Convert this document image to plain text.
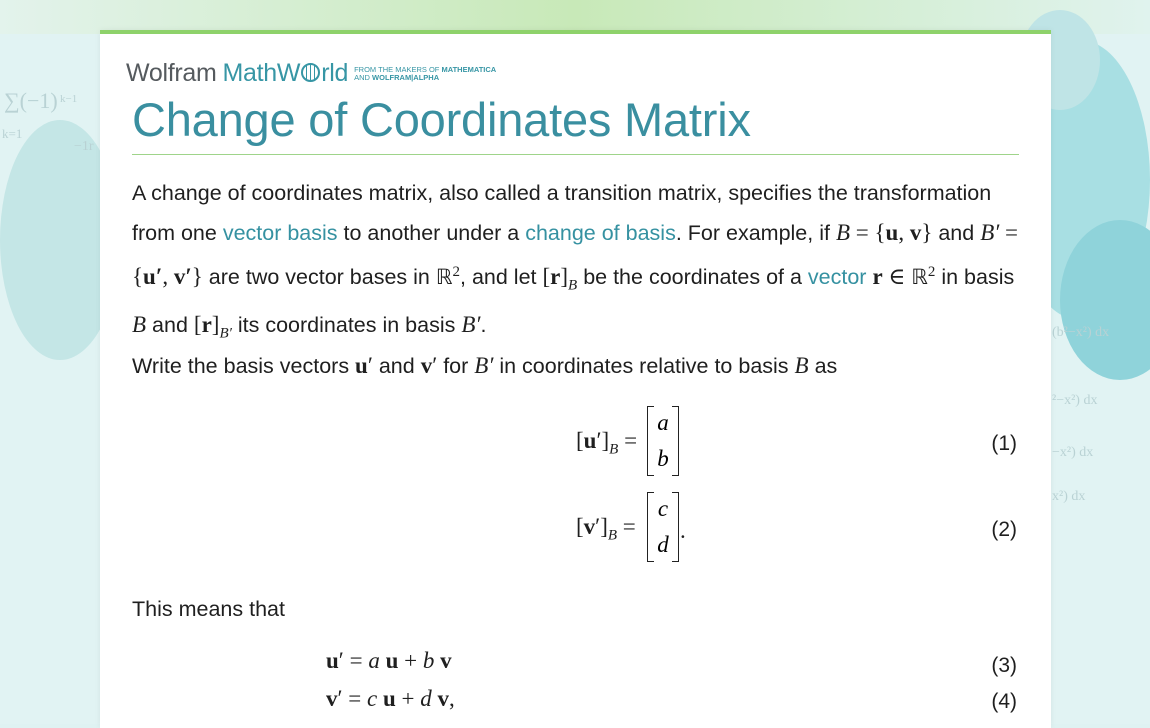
∑(−1) k−1
k=1
−1r
(b²−x²) dx
²−x²) dx
−x²) dx
x²) dx
Wolfram MathW rld FROM THE MAKERS OF MATHEMATICA
AND WOLFRAM|ALPHA
Change of Coordinates Matrix

A change of coordinates matrix, also called a transition matrix, specifies the transformation from one vector basis to another under a change of basis. For example, if B = {u, v} and B′ = {u′, v′} are two vector bases in ℝ$^2$, and let $[r]_B$ be the coordinates of a vector r ∈ ℝ$^2$ in basis B and $[r]_{B'}$ its coordinates in basis B′.

Write the basis vectors u′ and v′ for B′ in coordinates relative to basis B as

$[u']_B$ =
a
b
(1)
$[v']_B$ =
c
d
.	(2)

This means that

u′ = a u + b v	(3)
v′ = c u + d v,	(4)
